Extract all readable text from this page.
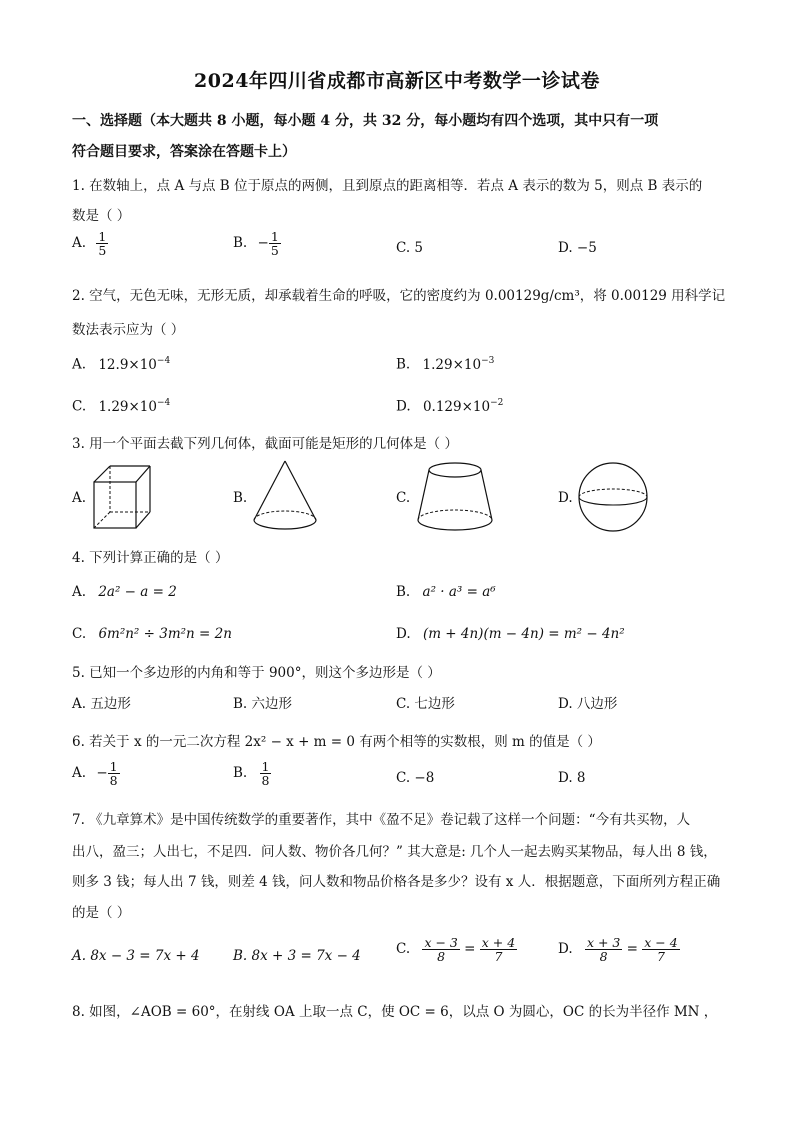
2024年四川省成都市高新区中考数学一诊试卷
一、选择题（本大题共 8 小题，每小题 4 分，共 32 分，每小题均有四个选项，其中只有一项
符合题目要求，答案涂在答题卡上）
1. 在数轴上，点 A 与点 B 位于原点的两侧，且到原点的距离相等．若点 A 表示的数为 5，则点 B 表示的
数是（ ）
A. $\frac{1}{5}$	B. − $\frac{1}{5}$	C. 5	D. −5
2. 空气，无色无味，无形无质，却承载着生命的呼吸，它的密度约为 0.00129g/cm³，将 0.00129 用科学记
数法表示应为（ ）
A. $12.9\times 10^{-4}$	B. $1.29\times 10^{-3}$
C. $1.29\times 10^{-4}$	D. $0.129\times 10^{-2}$
3. 用一个平面去截下列几何体，截面可能是矩形的几何体是（ ）
A.	B.	C.	D.
4. 下列计算正确的是（ ）
A. 2a² − a = 2	B. a² · a³ = a⁶
C. 6m²n² ÷ 3m²n = 2n	D. (m + 4n)(m − 4n) = m² − 4n²
5. 已知一个多边形的内角和等于 900°，则这个多边形是（ ）
A. 五边形	B. 六边形	C. 七边形	D. 八边形
6. 若关于 x 的一元二次方程 2x² − x + m = 0 有两个相等的实数根，则 m 的值是（ ）
A. − $\frac{1}{8}$	B. $\frac{1}{8}$	C. −8	D. 8
7. 《九章算术》是中国传统数学的重要著作，其中《盈不足》卷记载了这样一个问题：“今有共买物，人
出八，盈三；人出七，不足四．问人数、物价各几何？” 其大意是: 几个人一起去购买某物品，每人出 8 钱，
则多 3 钱；每人出 7 钱，则差 4 钱，问人数和物品价格各是多少？设有 x 人．根据题意，下面所列方程正确
的是（ ）
A. 8x − 3 = 7x + 4 B. 8x + 3 = 7x − 4	C. $\frac{x - 3}{8} = \frac{x + 4}{7}$	D. $\frac{x + 3}{8} = \frac{x - 4}{7}$
8. 如图，∠AOB = 60°，在射线 OA 上取一点 C，使 OC = 6，以点 O 为圆心，OC 的长为半径作 MN ，
